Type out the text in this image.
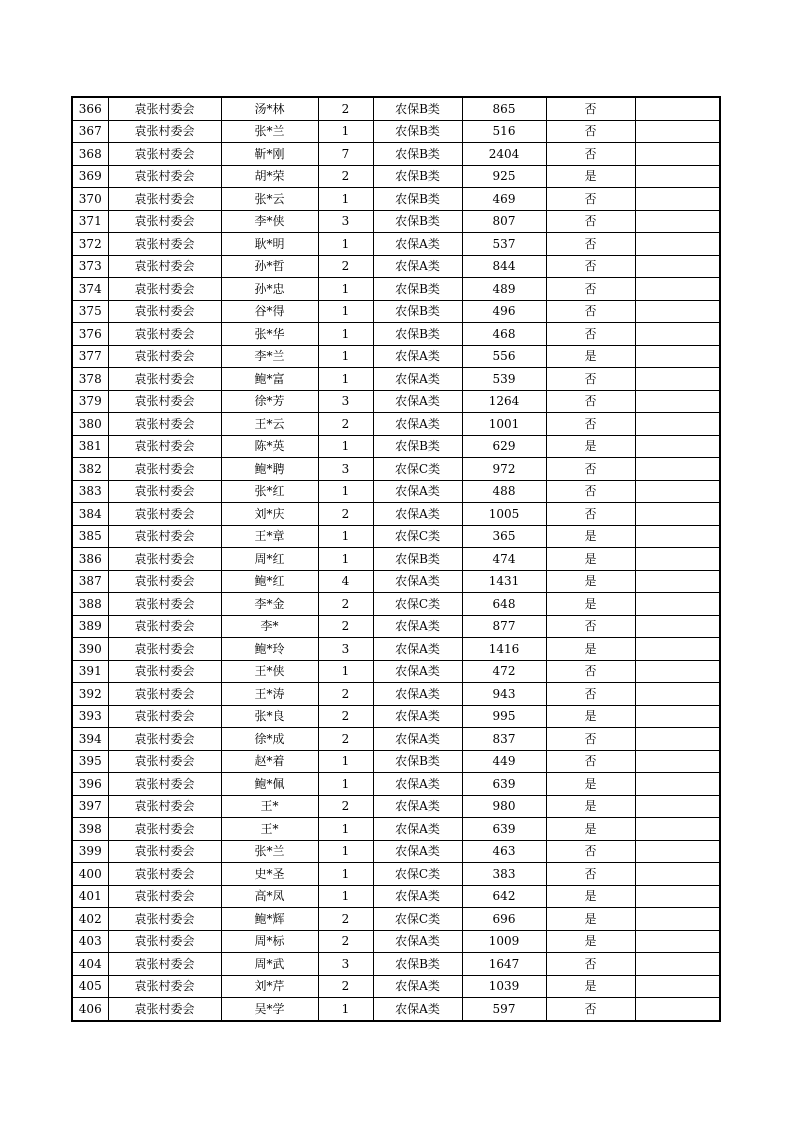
366	袁张村委会	汤*林	2	农保B类	865	否	
367	袁张村委会	张*兰	1	农保B类	516	否	
368	袁张村委会	靳*刚	7	农保B类	2404	否	
369	袁张村委会	胡*荣	2	农保B类	925	是	
370	袁张村委会	张*云	1	农保B类	469	否	
371	袁张村委会	李*侠	3	农保B类	807	否	
372	袁张村委会	耿*明	1	农保A类	537	否	
373	袁张村委会	孙*哲	2	农保A类	844	否	
374	袁张村委会	孙*忠	1	农保B类	489	否	
375	袁张村委会	谷*得	1	农保B类	496	否	
376	袁张村委会	张*华	1	农保B类	468	否	
377	袁张村委会	李*兰	1	农保A类	556	是	
378	袁张村委会	鲍*富	1	农保A类	539	否	
379	袁张村委会	徐*芳	3	农保A类	1264	否	
380	袁张村委会	王*云	2	农保A类	1001	否	
381	袁张村委会	陈*英	1	农保B类	629	是	
382	袁张村委会	鲍*聘	3	农保C类	972	否	
383	袁张村委会	张*红	1	农保A类	488	否	
384	袁张村委会	刘*庆	2	农保A类	1005	否	
385	袁张村委会	王*章	1	农保C类	365	是	
386	袁张村委会	周*红	1	农保B类	474	是	
387	袁张村委会	鲍*红	4	农保A类	1431	是	
388	袁张村委会	李*金	2	农保C类	648	是	
389	袁张村委会	李*	2	农保A类	877	否	
390	袁张村委会	鲍*玲	3	农保A类	1416	是	
391	袁张村委会	王*侠	1	农保A类	472	否	
392	袁张村委会	王*涛	2	农保A类	943	否	
393	袁张村委会	张*良	2	农保A类	995	是	
394	袁张村委会	徐*成	2	农保A类	837	否	
395	袁张村委会	赵*着	1	农保B类	449	否	
396	袁张村委会	鲍*佩	1	农保A类	639	是	
397	袁张村委会	王*	2	农保A类	980	是	
398	袁张村委会	王*	1	农保A类	639	是	
399	袁张村委会	张*兰	1	农保A类	463	否	
400	袁张村委会	史*圣	1	农保C类	383	否	
401	袁张村委会	高*凤	1	农保A类	642	是	
402	袁张村委会	鲍*辉	2	农保C类	696	是	
403	袁张村委会	周*标	2	农保A类	1009	是	
404	袁张村委会	周*武	3	农保B类	1647	否	
405	袁张村委会	刘*芹	2	农保A类	1039	是	
406	袁张村委会	吴*学	1	农保A类	597	否	
